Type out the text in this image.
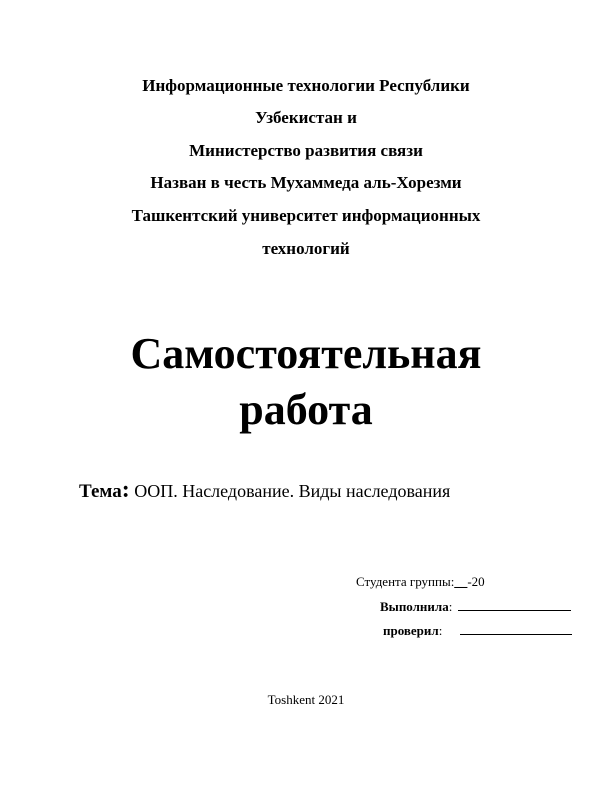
Информационные технологии Республики
Узбекистан и
Министерство развития связи
Назван в честь Мухаммеда аль-Хорезми
Ташкентский университет информационных
технологий
Самостоятельная
работа
Тема: ООП. Наследование. Виды наследования
Студента группы:__-20
Выполнила:
проверил:
Toshkent 2021
